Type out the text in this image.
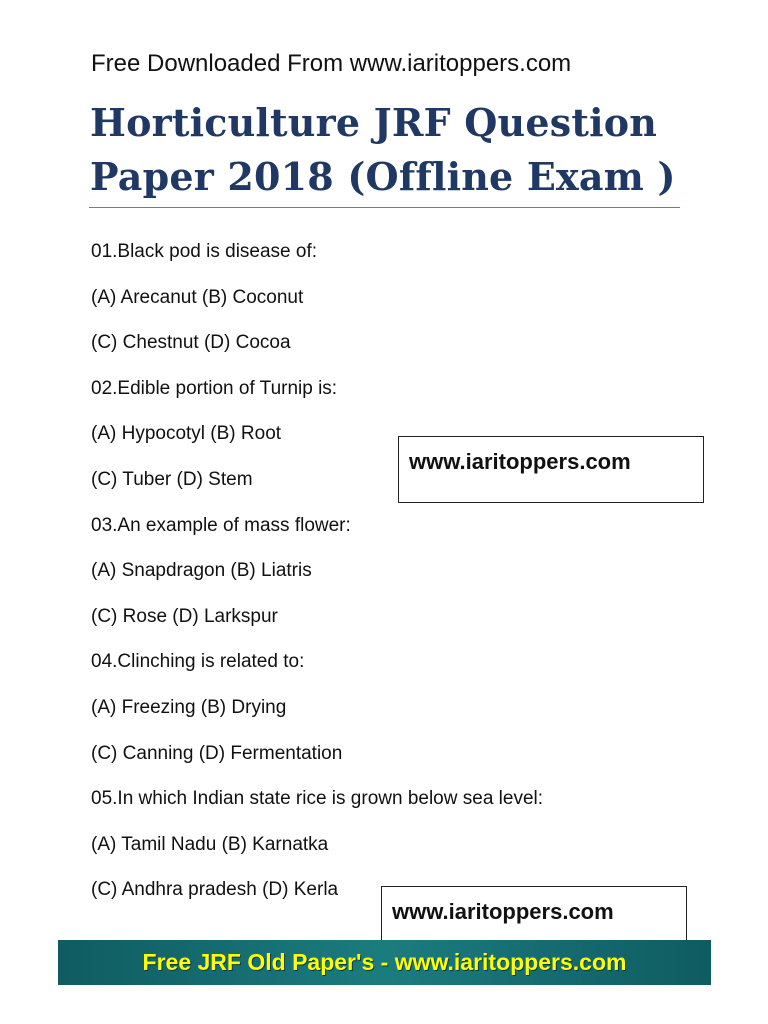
Free Downloaded From www.iaritoppers.com
Horticulture JRF Question Paper 2018 (Offline Exam )
01.Black pod is disease of:
(A) Arecanut (B) Coconut
(C) Chestnut (D) Cocoa
02.Edible portion of Turnip is:
(A) Hypocotyl (B) Root
(C) Tuber (D) Stem
03.An example of mass flower:
(A) Snapdragon (B) Liatris
(C) Rose (D) Larkspur
04.Clinching is related to:
(A) Freezing (B) Drying
(C) Canning (D) Fermentation
05.In which Indian state rice is grown below sea level:
(A) Tamil Nadu (B) Karnatka
(C) Andhra pradesh (D) Kerla
www.iaritoppers.com
www.iaritoppers.com
Free JRF Old Paper's - www.iaritoppers.com
